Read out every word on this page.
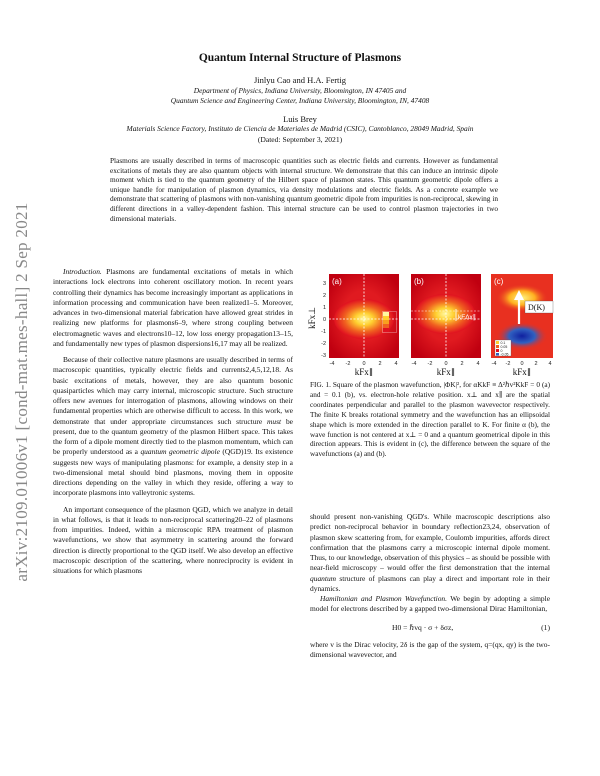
arXiv:2109.01006v1 [cond-mat.mes-hall] 2 Sep 2021
Quantum Internal Structure of Plasmons
Jinlyu Cao and H.A. Fertig
Department of Physics, Indiana University, Bloomington, IN 47405 and
Quantum Science and Engineering Center, Indiana University, Bloomington, IN, 47408
Luis Brey
Materials Science Factory, Instituto de Ciencia de Materiales de Madrid (CSIC), Cantoblanco, 28049 Madrid, Spain
(Dated: September 3, 2021)
Plasmons are usually described in terms of macroscopic quantities such as electric fields and currents. However as fundamental excitations of metals they are also quantum objects with internal structure. We demonstrate that this can induce an intrinsic dipole moment which is tied to the quantum geometry of the Hilbert space of plasmon states. This quantum geometric dipole offers a unique handle for manipulation of plasmon dynamics, via density modulations and electric fields. As a concrete example we demonstrate that scattering of plasmons with non-vanishing quantum geometric dipole from impurities is non-reciprocal, skewing in different directions in a valley-dependent fashion. This internal structure can be used to control plasmon trajectories in two dimensional materials.

Introduction. Plasmons are fundamental excitations of metals in which interactions lock electrons into coherent oscillatory motion. In recent years controlling their dynamics has become increasingly important as applications in information processing and communication have been realized1–5. Moreover, advances in two-dimensional material fabrication have allowed great strides in realizing new platforms for plasmons6–9, where strong coupling between electromagnetic waves and electrons10–12, low loss energy propagation13–15, and fundamentally new types of plasmon dispersions16,17 may all be realized.

Because of their collective nature plasmons are usually described in terms of macroscopic quantities, typically electric fields and currents2,4,5,12,18. As basic excitations of metals, however, they are also quantum bosonic quasiparticles which may carry internal, microscopic structure. Such structure offers new avenues for interrogation of plasmons, allowing windows on their fundamental properties which are otherwise difficult to access. In this work, we demonstrate that under appropriate circumstances such structure must be present, due to the quantum geometry of the plasmon Hilbert space. This takes the form of a dipole moment directly tied to the plasmon momentum, which can be properly understood as a quantum geometric dipole (QGD)19. Its existence suggests new ways of manipulating plasmons: for example, a density step in a two-dimensional metal should bind plasmons, moving them in opposite directions depending on the valley in which they reside, offering a way to incorporate plasmons into valleytronic systems.

An important consequence of the plasmon QGD, which we analyze in detail in what follows, is that it leads to non-reciprocal scattering20–22 of plasmons from impurities. Indeed, within a microscopic RPA treatment of plasmon wavefunctions, we show that asymmetry in scattering around the forward direction is directly proportional to the QGD itself. We also develop an effective macroscopic description of the scattering, where nonreciprocity is evident in situations for which plasmons

kFx⊥
3
2
1
0
-1
-2
-3
(a)	(b)
kFΔx∥
D(K)
(c)
0.1
0.05
0
-0.05
-4 -2 0 2 4	-4 -2 0 2 4 -4 -2 0 2 4
kFx∥	kFx∥	kFx∥
FIG. 1. Square of the plasmon wavefunction, |ΦK|², for αKkF ≡ Δ²ℏv²KkF = 0 (a) and = 0.1 (b), vs. electron-hole relative position. x⊥ and x∥ are the spatial coordinates perpendicular and parallel to the plasmon wavevector respectively. The finite K breaks rotational symmetry and the wavefunction has an ellipsoidal shape which is more extended in the direction parallel to K. For finite α (b), the wave function is not centered at x⊥ = 0 and a quantum geometrical dipole in this direction appears. This is evident in (c), the difference between the square of the wavefunctions (a) and (b).

should present non-vanishing QGD's. While macroscopic descriptions also predict non-reciprocal behavior in boundary reflection23,24, observation of plasmon skew scattering from, for example, Coulomb impurities, affords direct confirmation that the plasmons carry a microscopic internal dipole moment. Thus, to our knowledge, observation of this physics – as should be possible with near-field microscopy – would offer the first demonstration that the internal quantum structure of plasmons can play a direct and important role in their dynamics.

Hamiltonian and Plasmon Wavefunction. We begin by adopting a simple model for electrons described by a gapped two-dimensional Dirac Hamiltonian,

H0 = ℏvq · σ + δσz,	(1)

where v is the Dirac velocity, 2δ is the gap of the system, q=(qx, qy) is the two-dimensional wavevector, and
